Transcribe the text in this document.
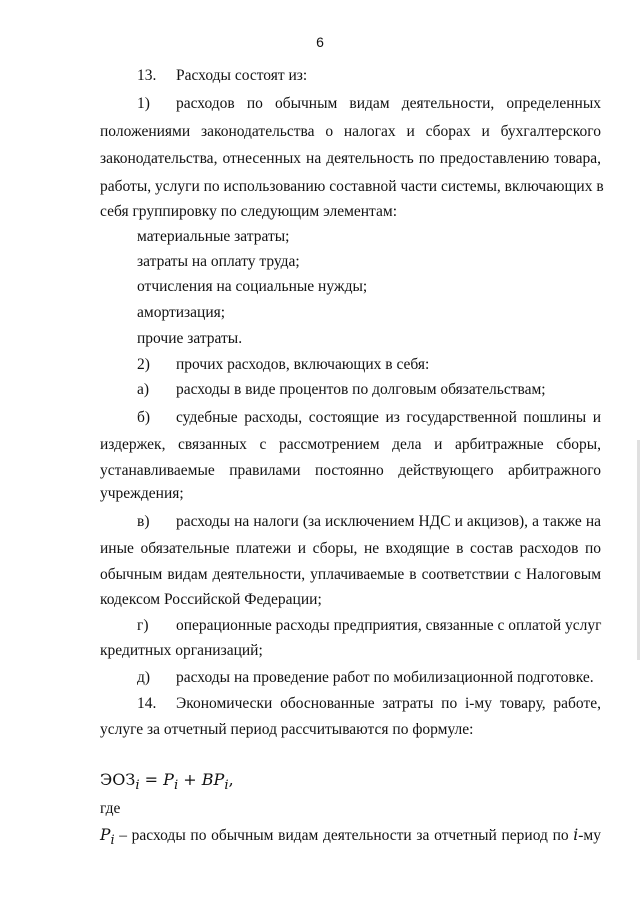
6
13. Расходы состоят из:
1) расходов по обычным видам деятельности, определенных
положениями законодательства о налогах и сборах и бухгалтерского
законодательства, отнесенных на деятельность по предоставлению товара,
работы, услуги по использованию составной части системы, включающих в
себя группировку по следующим элементам:
материальные затраты;
затраты на оплату труда;
отчисления на социальные нужды;
амортизация;
прочие затраты.
2) прочих расходов, включающих в себя:
а) расходы в виде процентов по долговым обязательствам;
б) судебные расходы, состоящие из государственной пошлины и
издержек, связанных с рассмотрением дела и арбитражные сборы,
устанавливаемые правилами постоянно действующего арбитражного
учреждения;
в) расходы на налоги (за исключением НДС и акцизов), а также на
иные обязательные платежи и сборы, не входящие в состав расходов по
обычным видам деятельности, уплачиваемые в соответствии с Налоговым
кодексом Российской Федерации;
г) операционные расходы предприятия, связанные с оплатой услуг
кредитных организаций;
д) расходы на проведение работ по мобилизационной подготовке.
14. Экономически обоснованные затраты по i-му товару, работе,
услуге за отчетный период рассчитываются по формуле:
$ЭОЗ_i = P_i + BP_i$,
где
$P_i$ – расходы по обычным видам деятельности за отчетный период по i-му
